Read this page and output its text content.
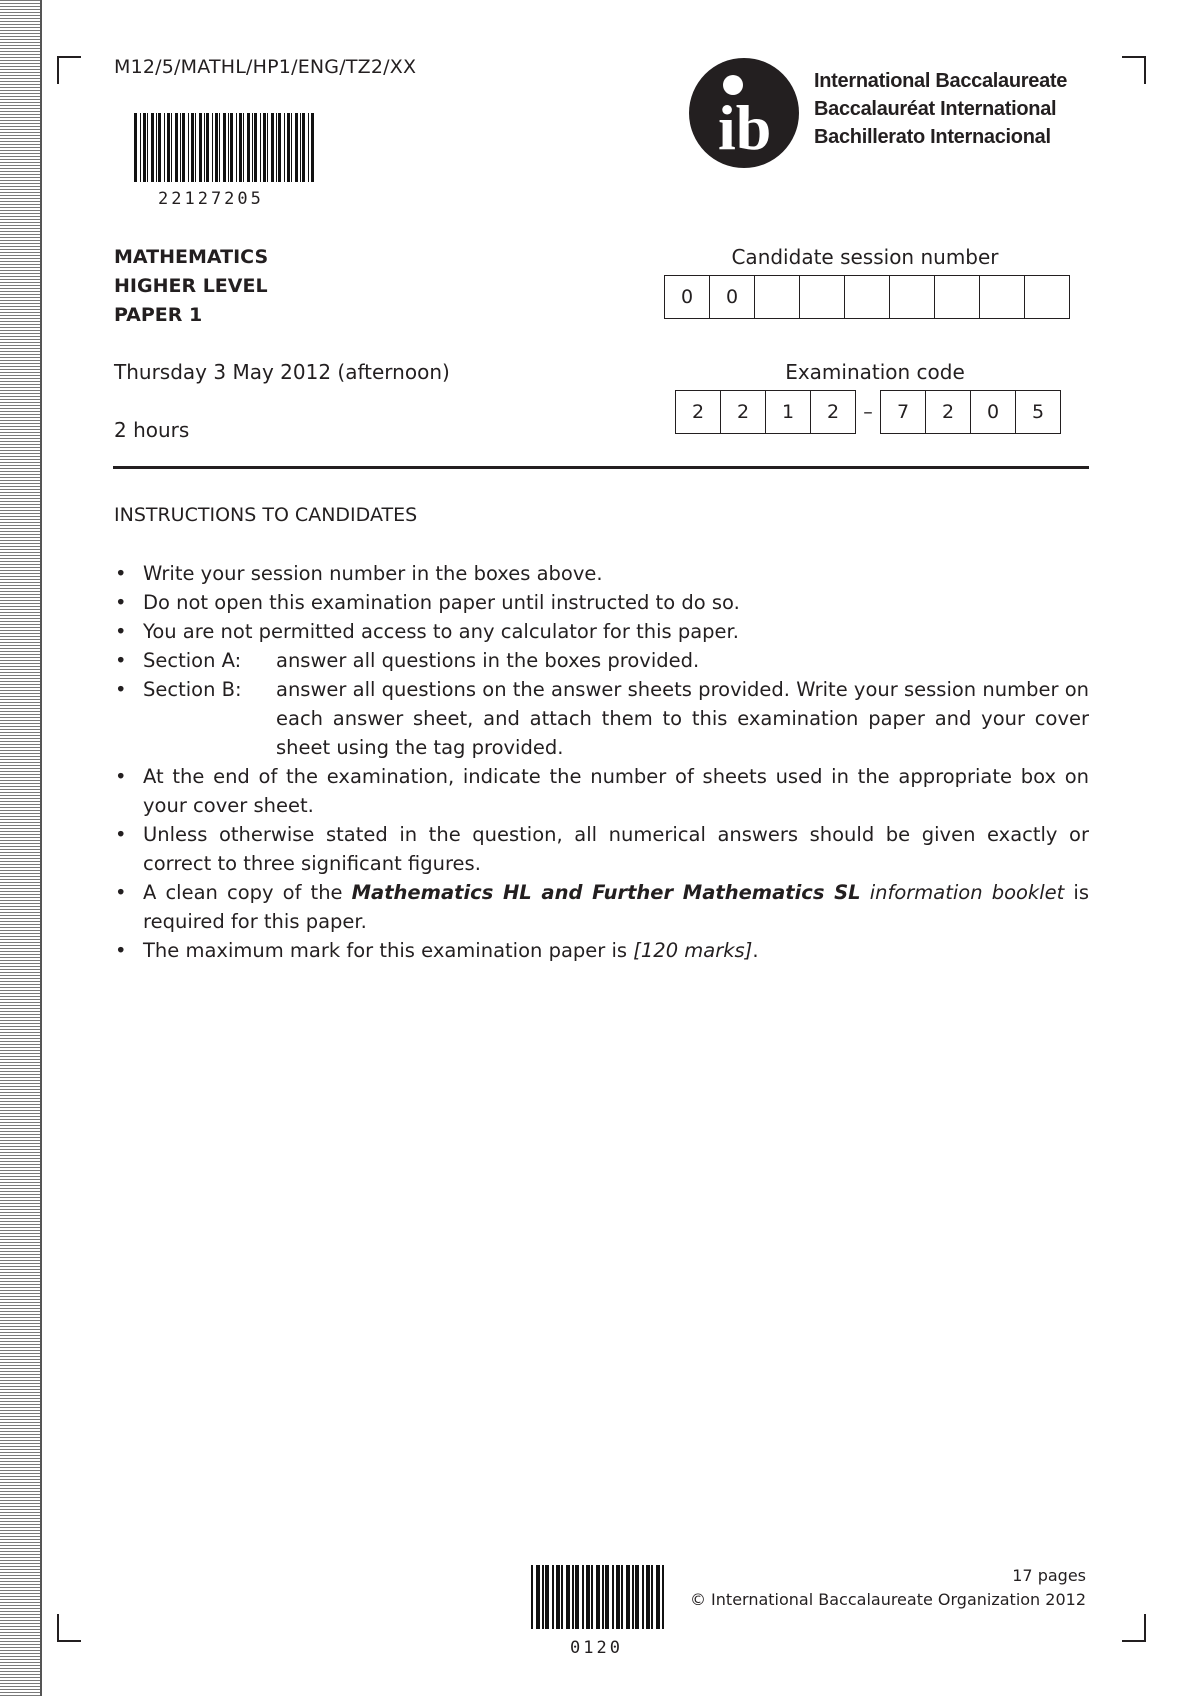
M12/5/MATHL/HP1/ENG/TZ2/XX
22127205
ib
International Baccalaureate
Baccalauréat International
Bachillerato Internacional
MATHEMATICS
HIGHER LEVEL
PAPER 1
Candidate session number
0	0
Thursday 3 May 2012 (afternoon)
2 hours
Examination code
2	2	1	2	–	7	2	0	5
INSTRUCTIONS TO CANDIDATES
• Write your session number in the boxes above.
• Do not open this examination paper until instructed to do so.
• You are not permitted access to any calculator for this paper.
• Section A:	answer all questions in the boxes provided.
• Section B:	answer all questions on the answer sheets provided. Write your session number on each answer sheet, and attach them to this examination paper and your cover sheet using the tag provided.
• At the end of the examination, indicate the number of sheets used in the appropriate box on your cover sheet.
• Unless otherwise stated in the question, all numerical answers should be given exactly or correct to three significant figures.
• A clean copy of the Mathematics HL and Further Mathematics SL information booklet is required for this paper.
• The maximum mark for this examination paper is [120 marks].
0120
17 pages
© International Baccalaureate Organization 2012
